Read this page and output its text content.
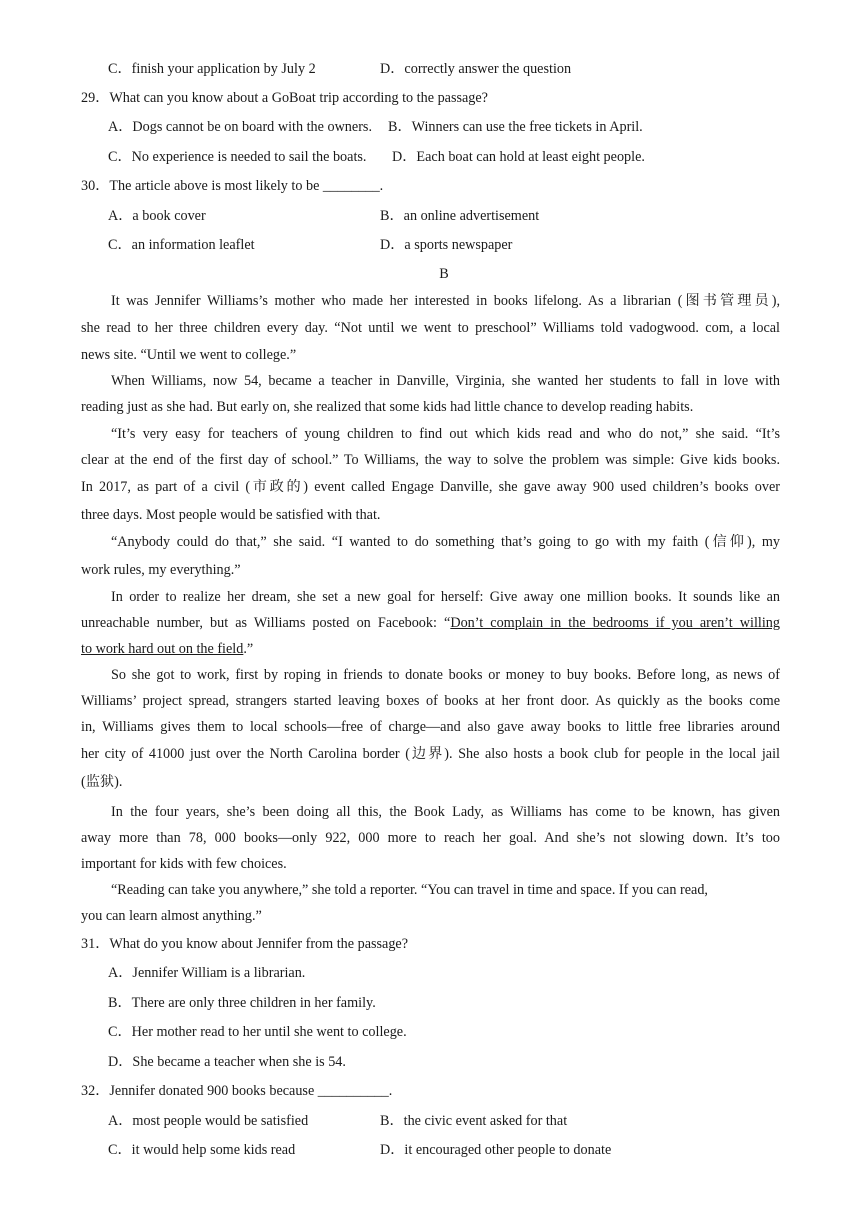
C．finish your application by July 2	D．correctly answer the question
29．What can you know about a GoBoat trip according to the passage?
A．Dogs cannot be on board with the owners. B．Winners can use the free tickets in April.
C．No experience is needed to sail the boats. D．Each boat can hold at least eight people.
30．The article above is most likely to be ________.
A．a book cover	B．an online advertisement
C．an information leaflet	D．a sports newspaper
B
It was Jennifer Williams’s mother who made her interested in books lifelong. As a librarian (图书管理员),
she read to her three children every day. “Not until we went to preschool” Williams told vadogwood. com, a local
news site. “Until we went to college.”
When Williams, now 54, became a teacher in Danville, Virginia, she wanted her students to fall in love with
reading just as she had. But early on, she realized that some kids had little chance to develop reading habits.
“It’s very easy for teachers of young children to find out which kids read and who do not,” she said. “It’s
clear at the end of the first day of school.” To Williams, the way to solve the problem was simple: Give kids books.
In 2017, as part of a civil (市政的) event called Engage Danville, she gave away 900 used children’s books over
three days. Most people would be satisfied with that.
“Anybody could do that,” she said. “I wanted to do something that’s going to go with my faith (信仰), my
work rules, my everything.”
In order to realize her dream, she set a new goal for herself: Give away one million books. It sounds like an
unreachable number, but as Williams posted on Facebook: “Don’t complain in the bedrooms if you aren’t willing
to work hard out on the field.”
So she got to work, first by roping in friends to donate books or money to buy books. Before long, as news of
Williams’ project spread, strangers started leaving boxes of books at her front door. As quickly as the books come
in, Williams gives them to local schools—free of charge—and also gave away books to little free libraries around
her city of 41000 just over the North Carolina border (边界). She also hosts a book club for people in the local jail
(监狱).
In the four years, she’s been doing all this, the Book Lady, as Williams has come to be known, has given
away more than 78, 000 books—only 922, 000 more to reach her goal. And she’s not slowing down. It’s too
important for kids with few choices.
“Reading can take you anywhere,” she told a reporter. “You can travel in time and space. If you can read,
you can learn almost anything.”
31．What do you know about Jennifer from the passage?
A．Jennifer William is a librarian.
B．There are only three children in her family.
C．Her mother read to her until she went to college.
D．She became a teacher when she is 54.
32．Jennifer donated 900 books because __________.
A．most people would be satisfied	B．the civic event asked for that
C．it would help some kids read	D．it encouraged other people to donate
